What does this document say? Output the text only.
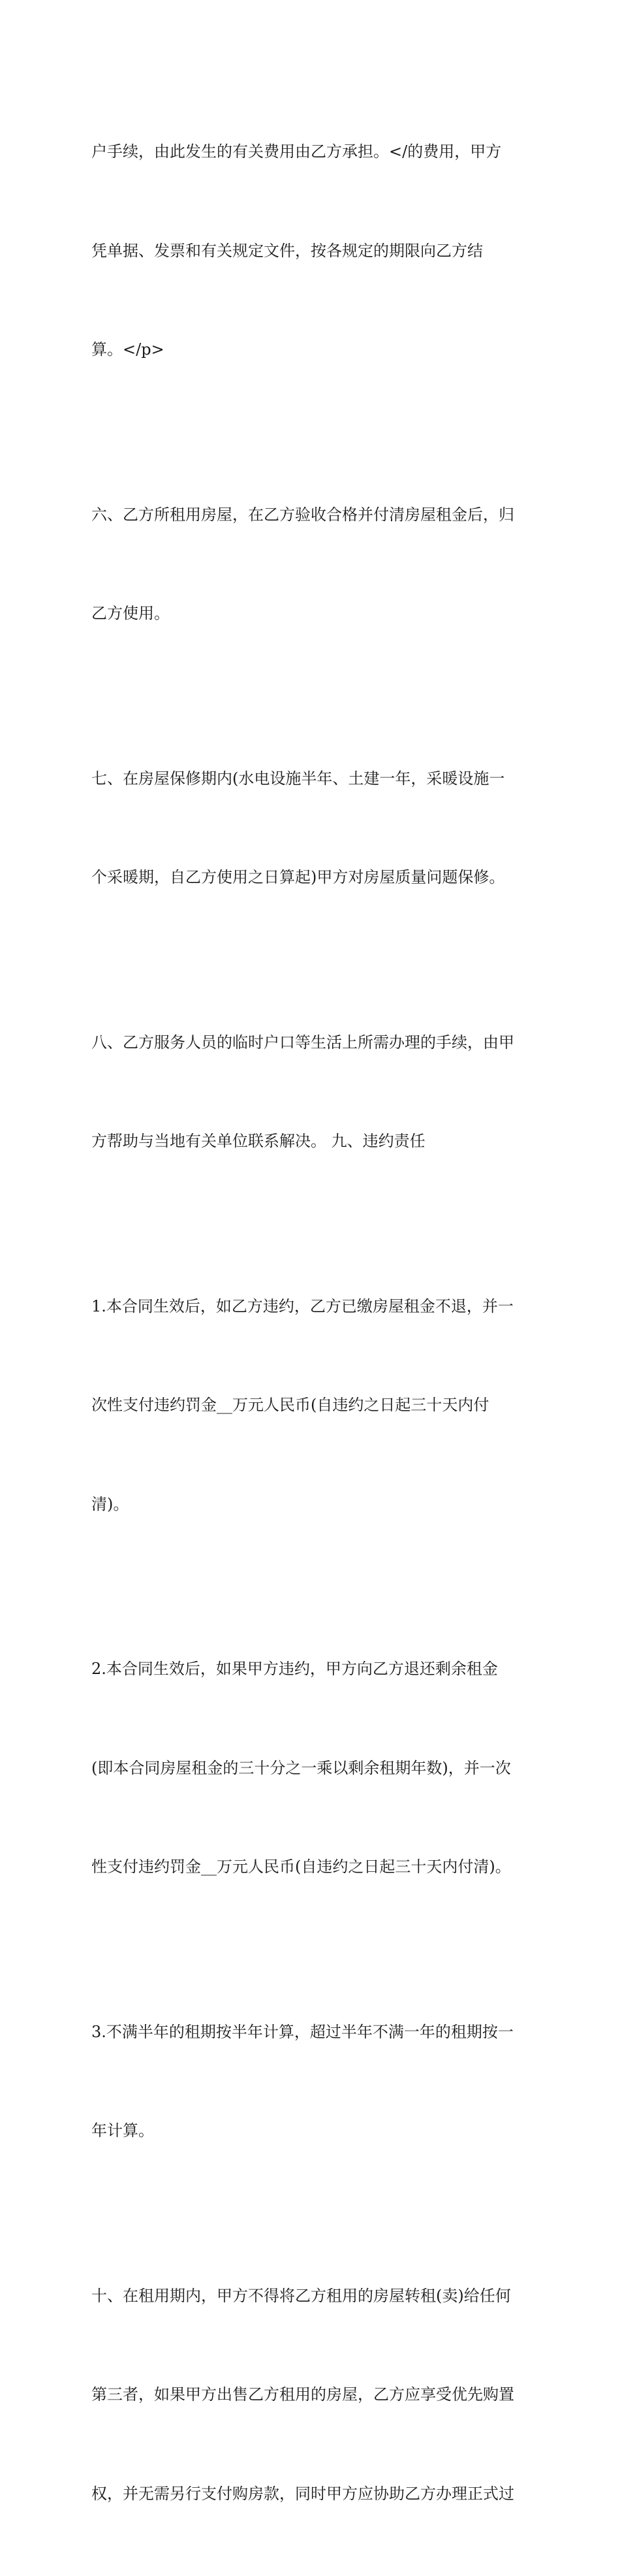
户手续，由此发生的有关费用由乙方承担。</的费用，甲方

凭单据、发票和有关规定文件，按各规定的期限向乙方结

算。</p>

六、乙方所租用房屋，在乙方验收合格并付清房屋租金后，归

乙方使用。

七、在房屋保修期内(水电设施半年、土建一年，采暖设施一

个采暖期，自乙方使用之日算起)甲方对房屋质量问题保修。

八、乙方服务人员的临时户口等生活上所需办理的手续，由甲

方帮助与当地有关单位联系解决。 九、违约责任

1.本合同生效后，如乙方违约，乙方已缴房屋租金不退，并一

次性支付违约罚金__万元人民币(自违约之日起三十天内付

清)。

2.本合同生效后，如果甲方违约，甲方向乙方退还剩余租金

(即本合同房屋租金的三十分之一乘以剩余租期年数)，并一次

性支付违约罚金__万元人民币(自违约之日起三十天内付清)。

3.不满半年的租期按半年计算，超过半年不满一年的租期按一

年计算。

十、在租用期内，甲方不得将乙方租用的房屋转租(卖)给任何

第三者，如果甲方出售乙方租用的房屋，乙方应享受优先购置

权，并无需另行支付购房款，同时甲方应协助乙方办理正式过
